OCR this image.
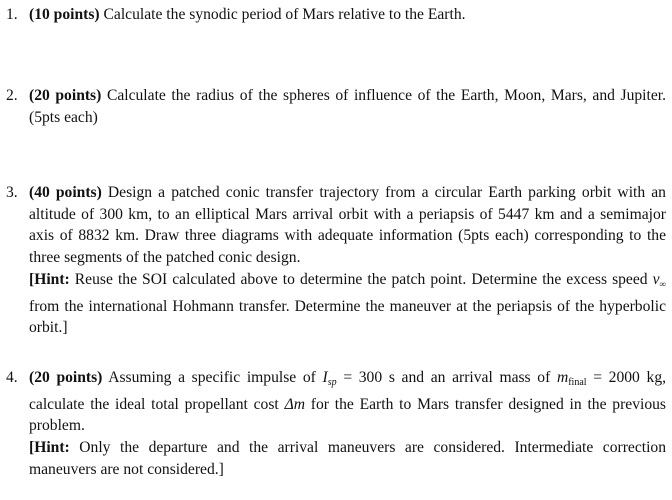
1. (10 points) Calculate the synodic period of Mars relative to the Earth.
2. (20 points) Calculate the radius of the spheres of influence of the Earth, Moon, Mars, and Jupiter. (5pts each)
3. (40 points) Design a patched conic transfer trajectory from a circular Earth parking orbit with an altitude of 300 km, to an elliptical Mars arrival orbit with a periapsis of 5447 km and a semimajor axis of 8832 km. Draw three diagrams with adequate information (5pts each) corresponding to the three segments of the patched conic design.
[Hint: Reuse the SOI calculated above to determine the patch point. Determine the excess speed v∞ from the international Hohmann transfer. Determine the maneuver at the periapsis of the hyperbolic orbit.]
4. (20 points) Assuming a specific impulse of $I_{sp} = 300$ s and an arrival mass of $m_{final} = 2000$ kg, calculate the ideal total propellant cost Δm for the Earth to Mars transfer designed in the previous problem.
[Hint: Only the departure and the arrival maneuvers are considered. Intermediate correction maneuvers are not considered.]
